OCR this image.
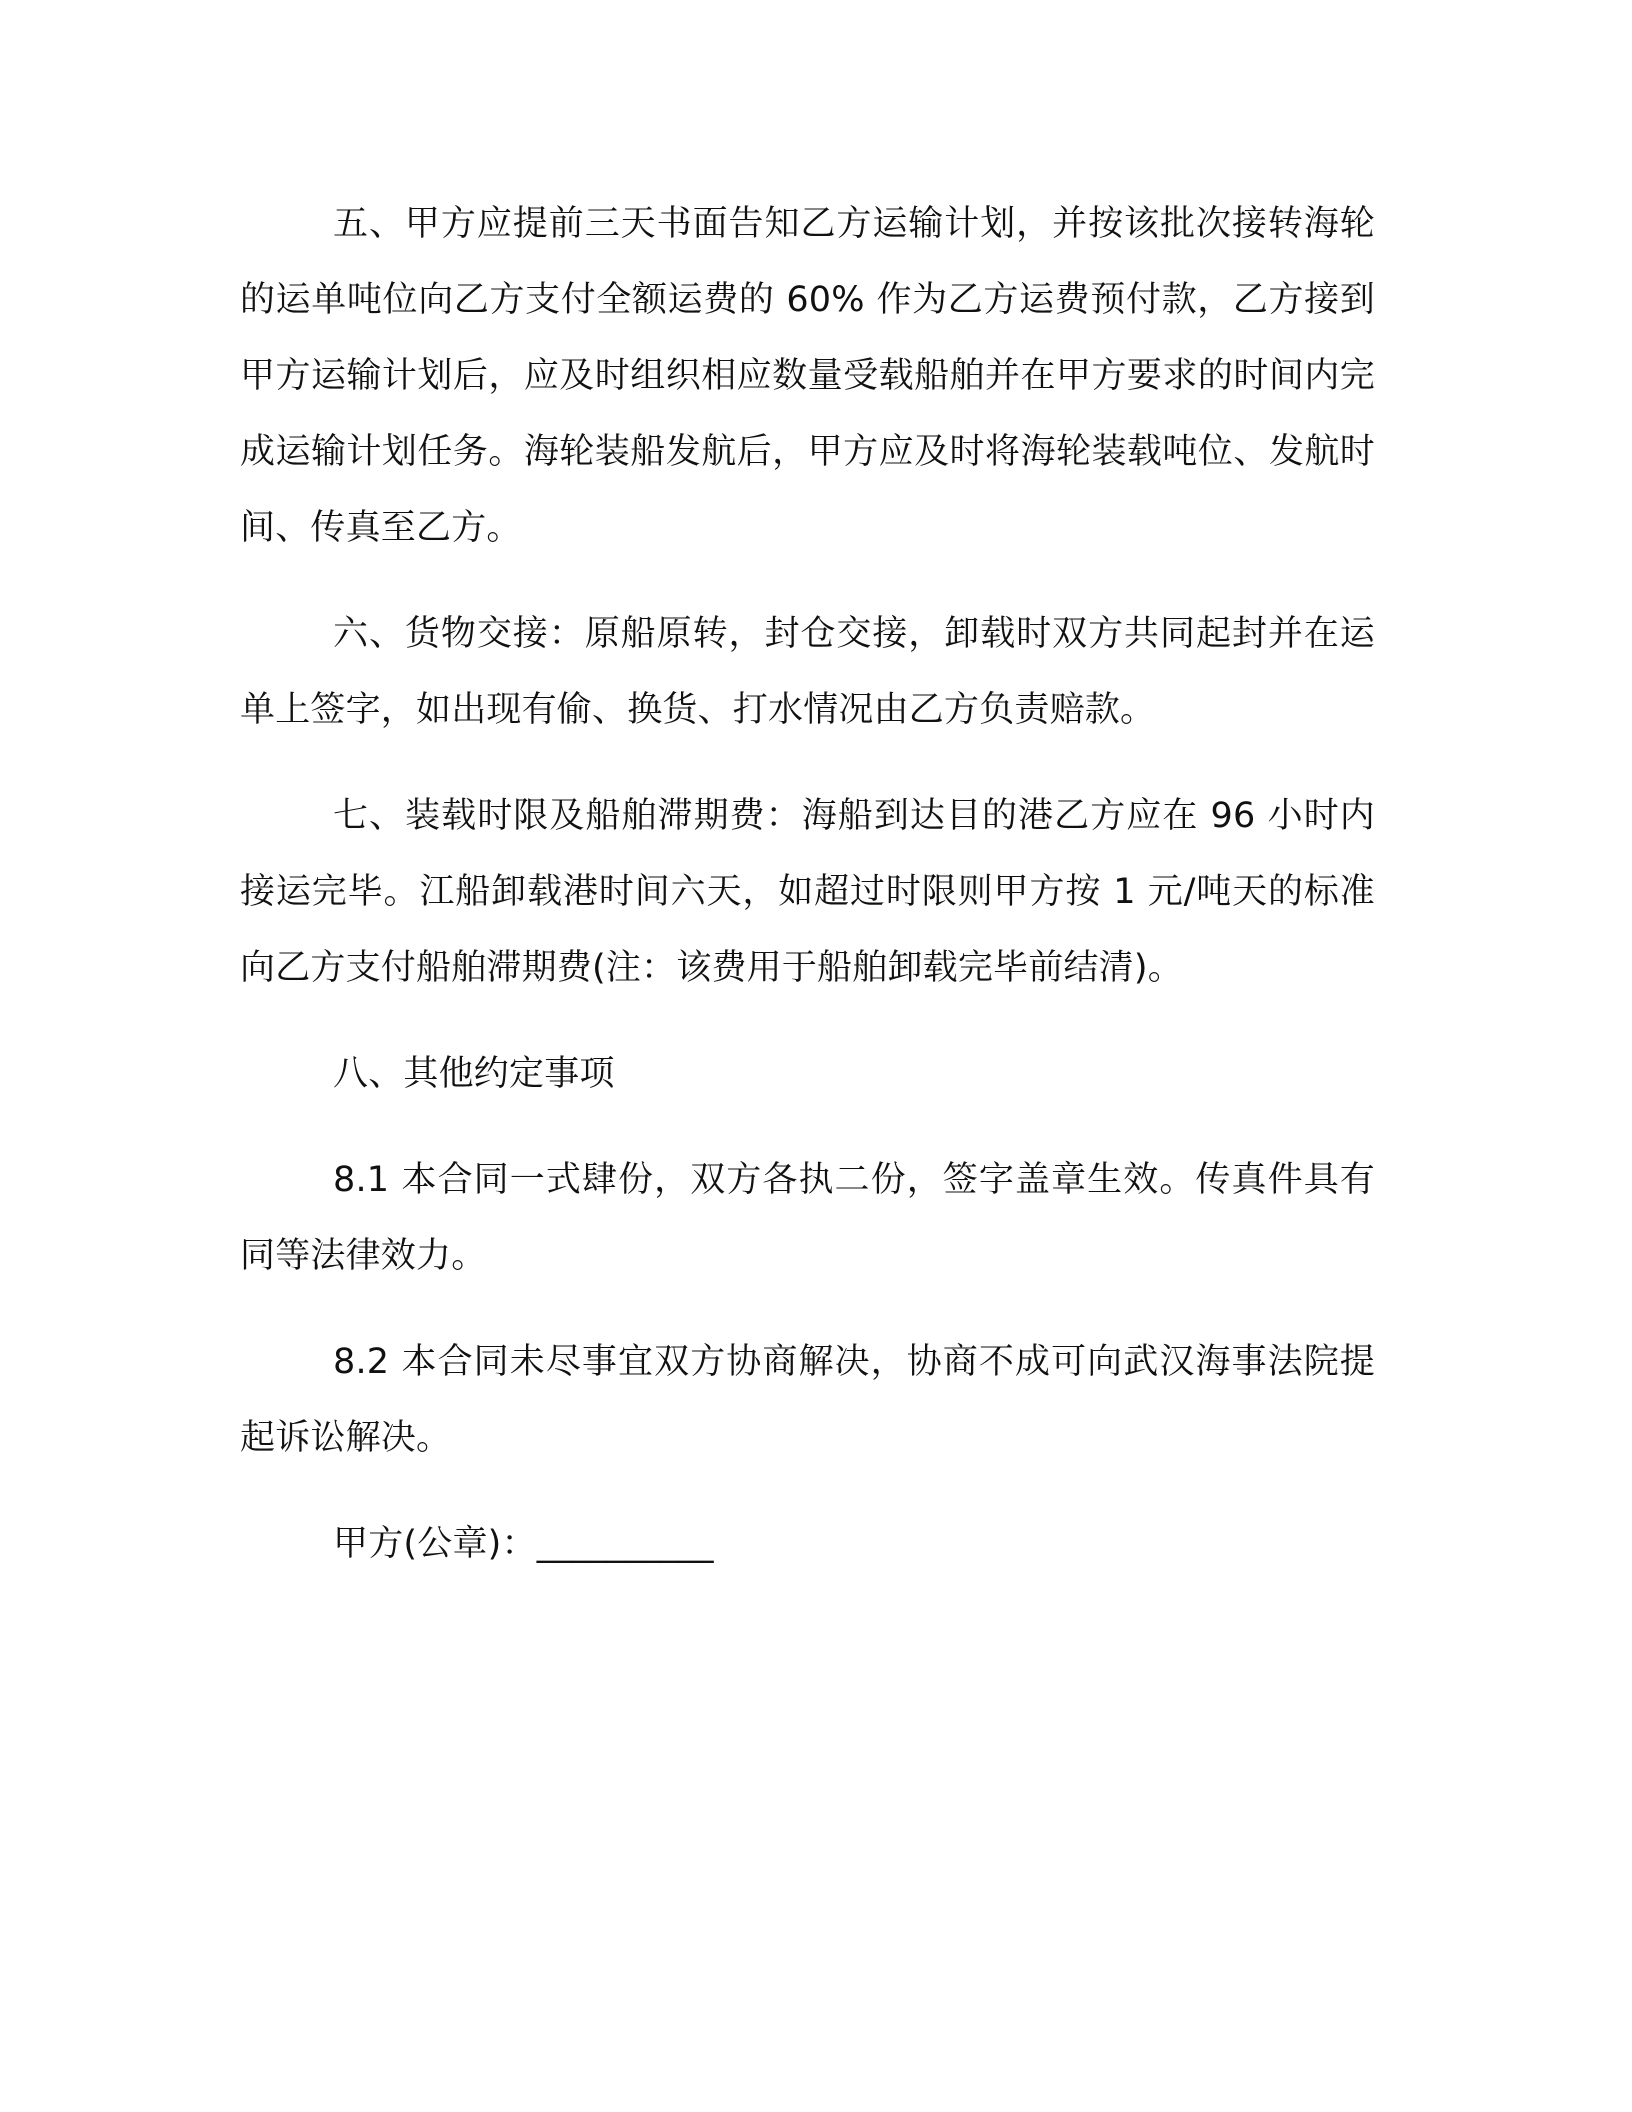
五、甲方应提前三天书面告知乙方运输计划，并按该批次接转海轮的运单吨位向乙方支付全额运费的 60% 作为乙方运费预付款，乙方接到甲方运输计划后，应及时组织相应数量受载船舶并在甲方要求的时间内完成运输计划任务。海轮装船发航后，甲方应及时将海轮装载吨位、发航时间、传真至乙方。

六、货物交接：原船原转，封仓交接，卸载时双方共同起封并在运单上签字，如出现有偷、换货、打水情况由乙方负责赔款。

七、装载时限及船舶滞期费：海船到达目的港乙方应在 96 小时内接运完毕。江船卸载港时间六天，如超过时限则甲方按 1 元/吨天的标准向乙方支付船舶滞期费(注：该费用于船舶卸载完毕前结清)。

八、其他约定事项

8.1 本合同一式肆份，双方各执二份，签字盖章生效。传真件具有同等法律效力。

8.2 本合同未尽事宜双方协商解决，协商不成可向武汉海事法院提起诉讼解决。

甲方(公章)：__________
